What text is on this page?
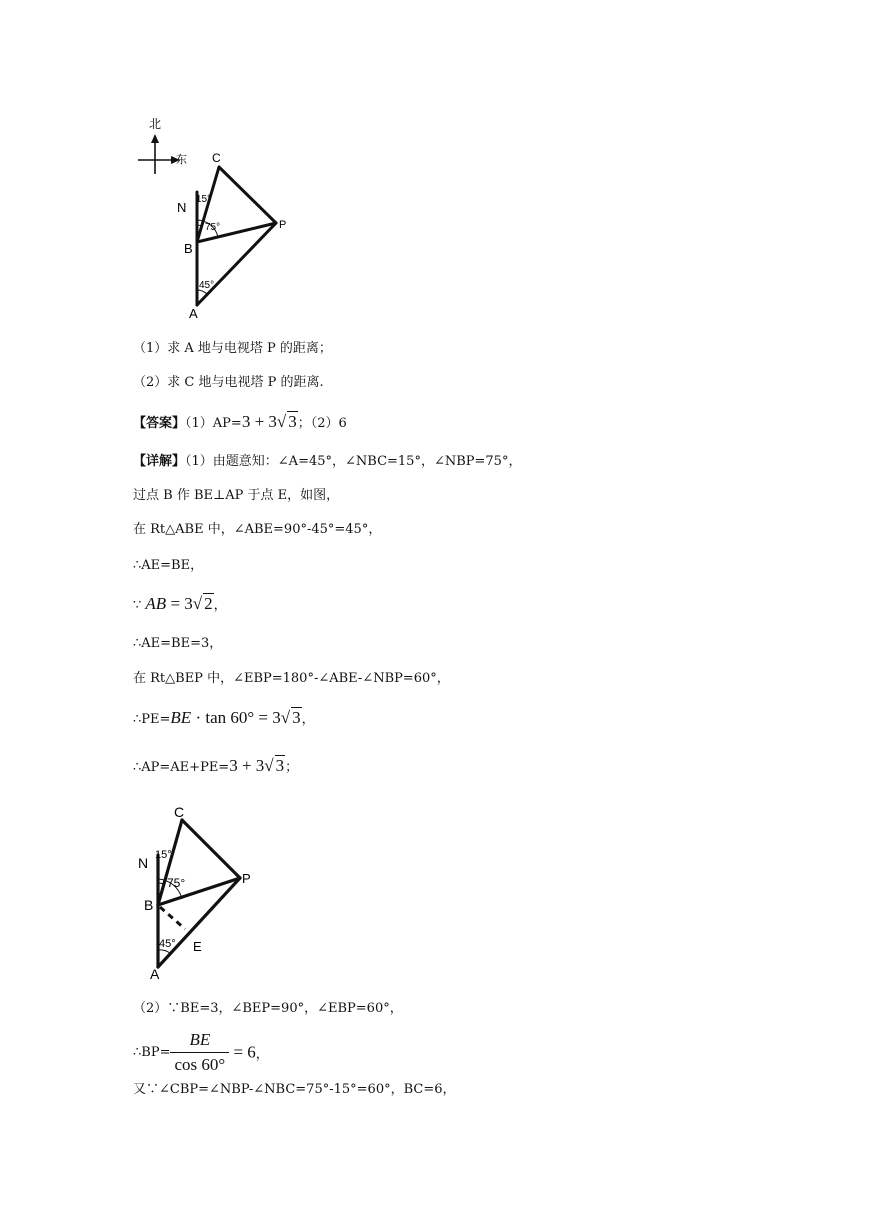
北
东 C
N
B
P
A
15°
75°
45°
（1）求 A 地与电视塔 P 的距离；
（2）求 C 地与电视塔 P 的距离.
【答案】（1）AP=3 + 3√ 3；（2）6
【详解】（1）由题意知：∠A=45°，∠NBC=15°，∠NBP=75°，
过点 B 作 BE⊥AP 于点 E，如图，
在 Rt△ABE 中，∠ABE=90°-45°=45°，
∴AE=BE，
∵ AB = 3√ 2，
∴AE=BE=3，
在 Rt△BEP 中，∠EBP=180°-∠ABE-∠NBP=60°，
∴PE=BE · tan 60° = 3√ 3，
∴AP=AE+PE=3 + 3√ 3；
C
N
B
P
A
E
15°
75°
45°
（2）∵BE=3，∠BEP=90°，∠EBP=60°，
∴BP= $\frac{BE}{\cos 60^\circ} = 6$，
又∵∠CBP=∠NBP-∠NBC=75°-15°=60°，BC=6，
